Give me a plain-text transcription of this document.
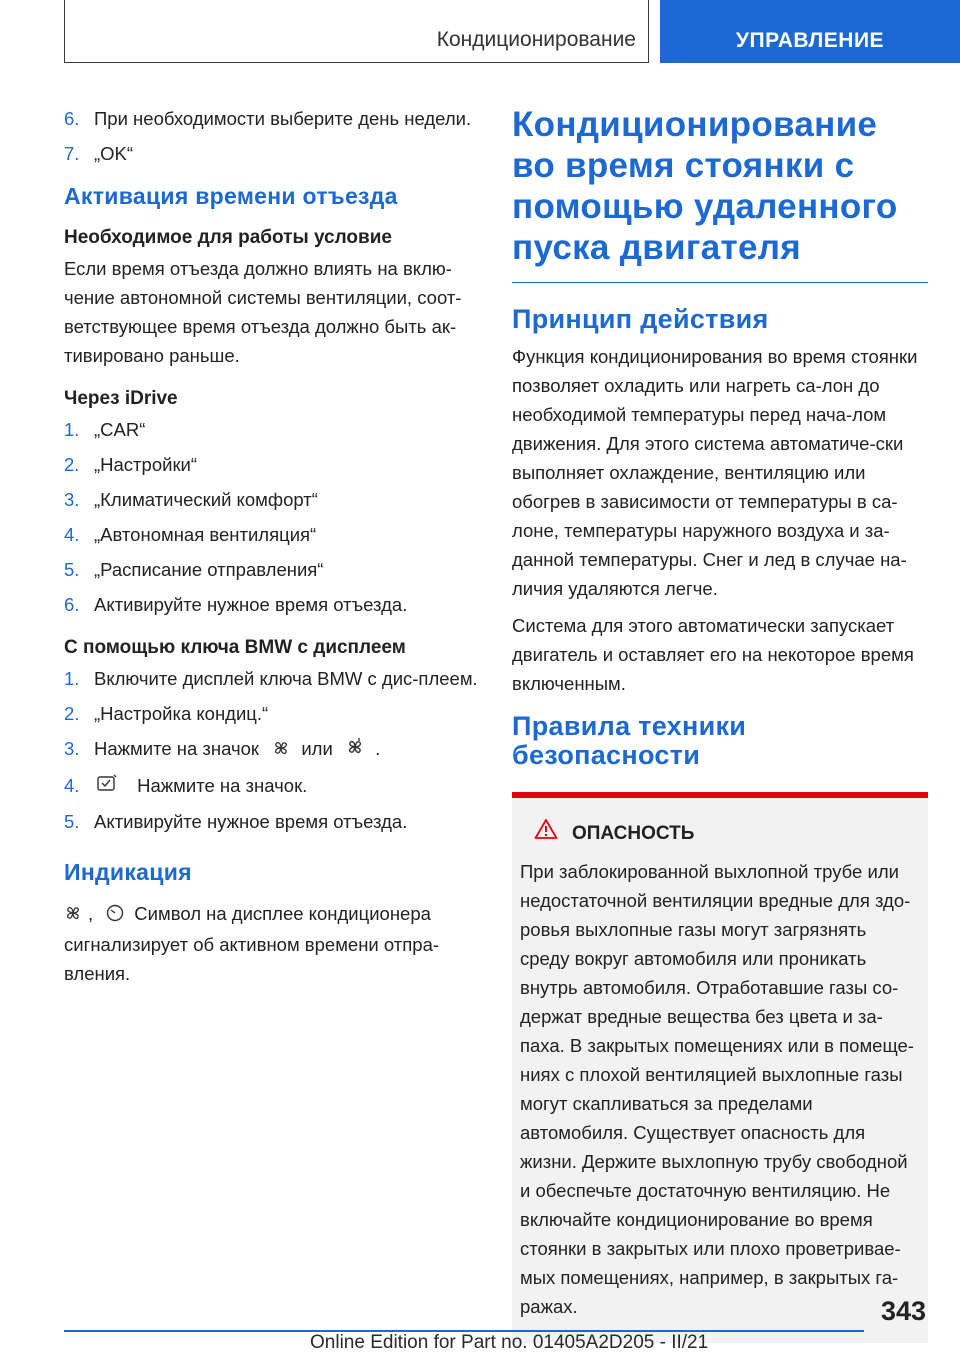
Кондиционирование	УПРАВЛЕНИЕ
6. При необходимости выберите день недели.
7. „OK“
Активация времени отъезда
Необходимое для работы условие
Если время отъезда должно влиять на вклю-чение автономной системы вентиляции, соот-ветствующее время отъезда должно быть ак-тивировано раньше.
Через iDrive
1. „CAR“
2. „Настройки“
3. „Климатический комфорт“
4. „Автономная вентиляция“
5. „Расписание отправления“
6. Активируйте нужное время отъезда.
С помощью ключа BMW с дисплеем
1. Включите дисплей ключа BMW с дис-плеем.
2. „Настройка кондиц.“
3. Нажмите на значок или .
4.	Нажмите на значок.
5. Активируйте нужное время отъезда.
Индикация
, Символ на дисплее кондиционера сигнализирует об активном времени отпра-вления.
Кондиционирование во время стоянки с помощью удаленного пуска двигателя
Принцип действия
Функция кондиционирования во время стоянки позволяет охладить или нагреть са-лон до необходимой температуры перед нача-лом движения. Для этого система автоматиче-ски выполняет охлаждение, вентиляцию или обогрев в зависимости от температуры в са-лоне, температуры наружного воздуха и за-данной температуры. Снег и лед в случае на-личия удаляются легче.
Система для этого автоматически запускает двигатель и оставляет его на некоторое время включенным.
Правила техники безопасности
ОПАСНОСТЬ
При заблокированной выхлопной трубе или недостаточной вентиляции вредные для здо-ровья выхлопные газы могут загрязнять среду вокруг автомобиля или проникать внутрь автомобиля. Отработавшие газы со-держат вредные вещества без цвета и за-паха. В закрытых помещениях или в помеще-ниях с плохой вентиляцией выхлопные газы могут скапливаться за пределами автомобиля. Существует опасность для жизни. Держите выхлопную трубу свободной и обеспечьте достаточную вентиляцию. Не включайте кондиционирование во время стоянки в закрытых или плохо проветривае-мых помещениях, например, в закрытых га-ражах.	343
Online Edition for Part no. 01405A2D205 - II/21
